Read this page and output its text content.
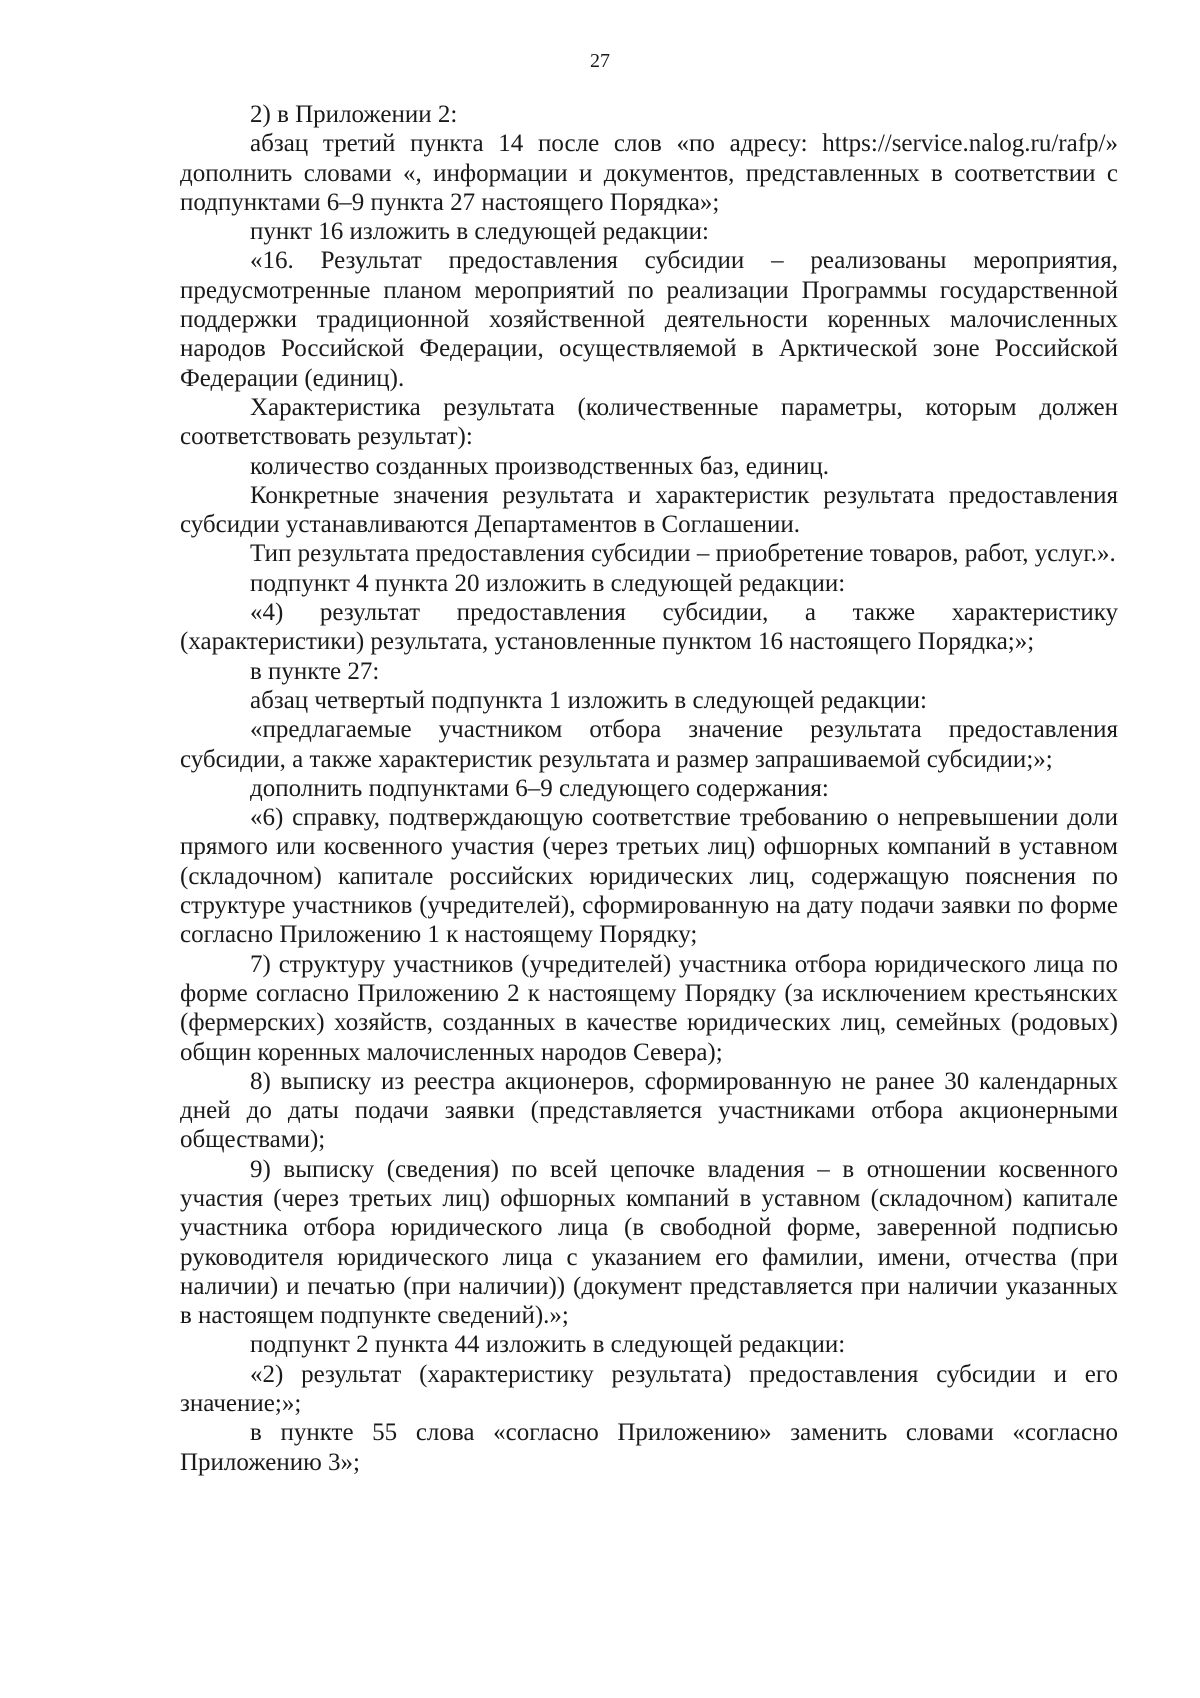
27

2) в Приложении 2:

абзац третий пункта 14 после слов «по адресу: https://service.nalog.ru/rafp/» дополнить словами «, информации и документов, представленных в соответствии с подпунктами 6–9 пункта 27 настоящего Порядка»;

пункт 16 изложить в следующей редакции:

«16. Результат предоставления субсидии – реализованы мероприятия, предусмотренные планом мероприятий по реализации Программы государственной поддержки традиционной хозяйственной деятельности коренных малочисленных народов Российской Федерации, осуществляемой в Арктической зоне Российской Федерации (единиц).

Характеристика результата (количественные параметры, которым должен соответствовать результат):

количество созданных производственных баз, единиц.

Конкретные значения результата и характеристик результата предоставления субсидии устанавливаются Департаментов в Соглашении.

Тип результата предоставления субсидии – приобретение товаров, работ, услуг.».

подпункт 4 пункта 20 изложить в следующей редакции:

«4) результат предоставления субсидии, а также характеристику (характеристики) результата, установленные пунктом 16 настоящего Порядка;»;

в пункте 27:

абзац четвертый подпункта 1 изложить в следующей редакции:

«предлагаемые участником отбора значение результата предоставления субсидии, а также характеристик результата и размер запрашиваемой субсидии;»;

дополнить подпунктами 6–9 следующего содержания:

«6) справку, подтверждающую соответствие требованию о непревышении доли прямого или косвенного участия (через третьих лиц) офшорных компаний в уставном (складочном) капитале российских юридических лиц, содержащую пояснения по структуре участников (учредителей), сформированную на дату подачи заявки по форме согласно Приложению 1 к настоящему Порядку;

7) структуру участников (учредителей) участника отбора юридического лица по форме согласно Приложению 2 к настоящему Порядку (за исключением крестьянских (фермерских) хозяйств, созданных в качестве юридических лиц, семейных (родовых) общин коренных малочисленных народов Севера);

8) выписку из реестра акционеров, сформированную не ранее 30 календарных дней до даты подачи заявки (представляется участниками отбора акционерными обществами);

9) выписку (сведения) по всей цепочке владения – в отношении косвенного участия (через третьих лиц) офшорных компаний в уставном (складочном) капитале участника отбора юридического лица (в свободной форме, заверенной подписью руководителя юридического лица с указанием его фамилии, имени, отчества (при наличии) и печатью (при наличии)) (документ представляется при наличии указанных в настоящем подпункте сведений).»;

подпункт 2 пункта 44 изложить в следующей редакции:

«2) результат (характеристику результата) предоставления субсидии и его значение;»;

в пункте 55 слова «согласно Приложению» заменить словами «согласно Приложению 3»;
